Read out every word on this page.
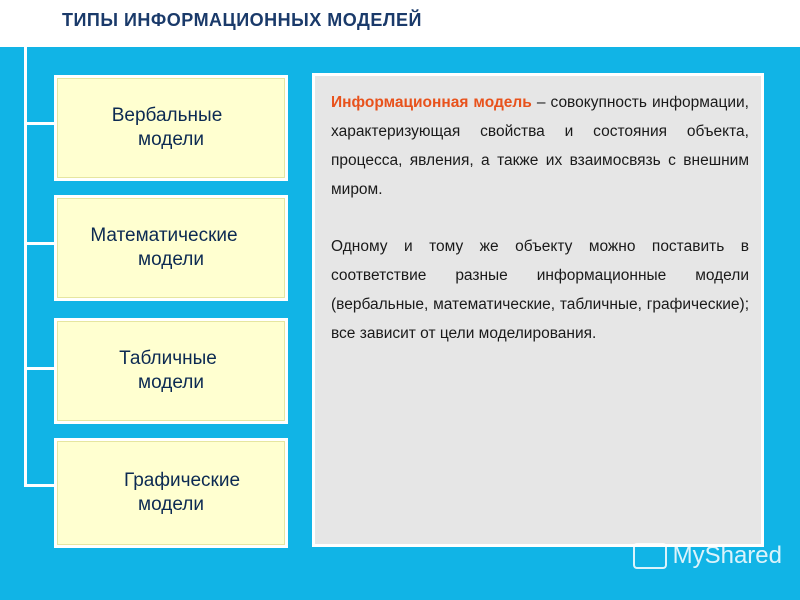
ТИПЫ ИНФОРМАЦИОННЫХ МОДЕЛЕЙ
Вербальные
модели
Математические
модели
Табличные
модели
Графические
модели
Информационная модель – совокупность информации, характеризующая свойства и состояния объекта, процесса, явления, а также их взаимосвязь с внешним миром.
Одному и тому же объекту можно поставить в соответствие разные информационные модели (вербальные, математические, табличные, графические); все зависит от цели моделирования.
MyShared
